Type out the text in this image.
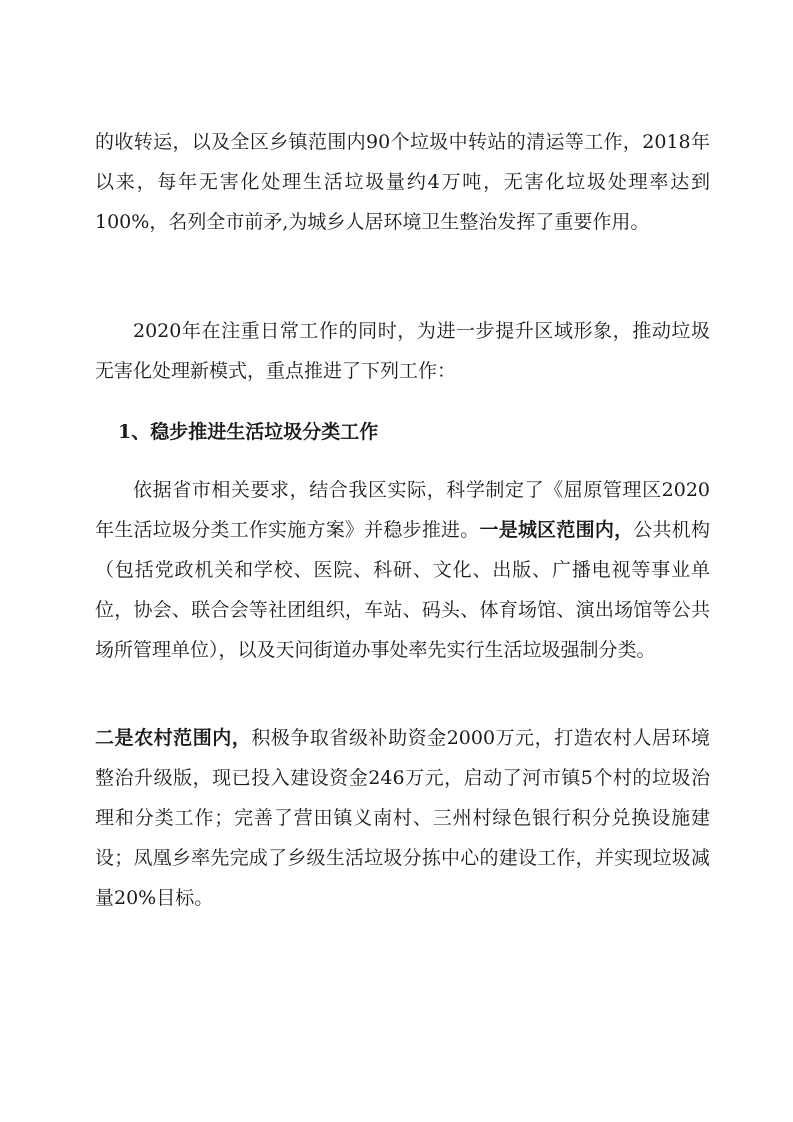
的收转运，以及全区乡镇范围内90个垃圾中转站的清运等工作，2018年以来，每年无害化处理生活垃圾量约4万吨，无害化垃圾处理率达到100%，名列全市前矛,为城乡人居环境卫生整治发挥了重要作用。

2020年在注重日常工作的同时，为进一步提升区域形象，推动垃圾无害化处理新模式，重点推进了下列工作：

1、稳步推进生活垃圾分类工作

依据省市相关要求，结合我区实际，科学制定了《屈原管理区2020年生活垃圾分类工作实施方案》并稳步推进。一是城区范围内，公共机构（包括党政机关和学校、医院、科研、文化、出版、广播电视等事业单位，协会、联合会等社团组织，车站、码头、体育场馆、演出场馆等公共场所管理单位），以及天问街道办事处率先实行生活垃圾强制分类。

二是农村范围内，积极争取省级补助资金2000万元，打造农村人居环境整治升级版，现已投入建设资金246万元，启动了河市镇5个村的垃圾治理和分类工作；完善了营田镇义南村、三州村绿色银行积分兑换设施建设；凤凰乡率先完成了乡级生活垃圾分拣中心的建设工作，并实现垃圾减量20%目标。
